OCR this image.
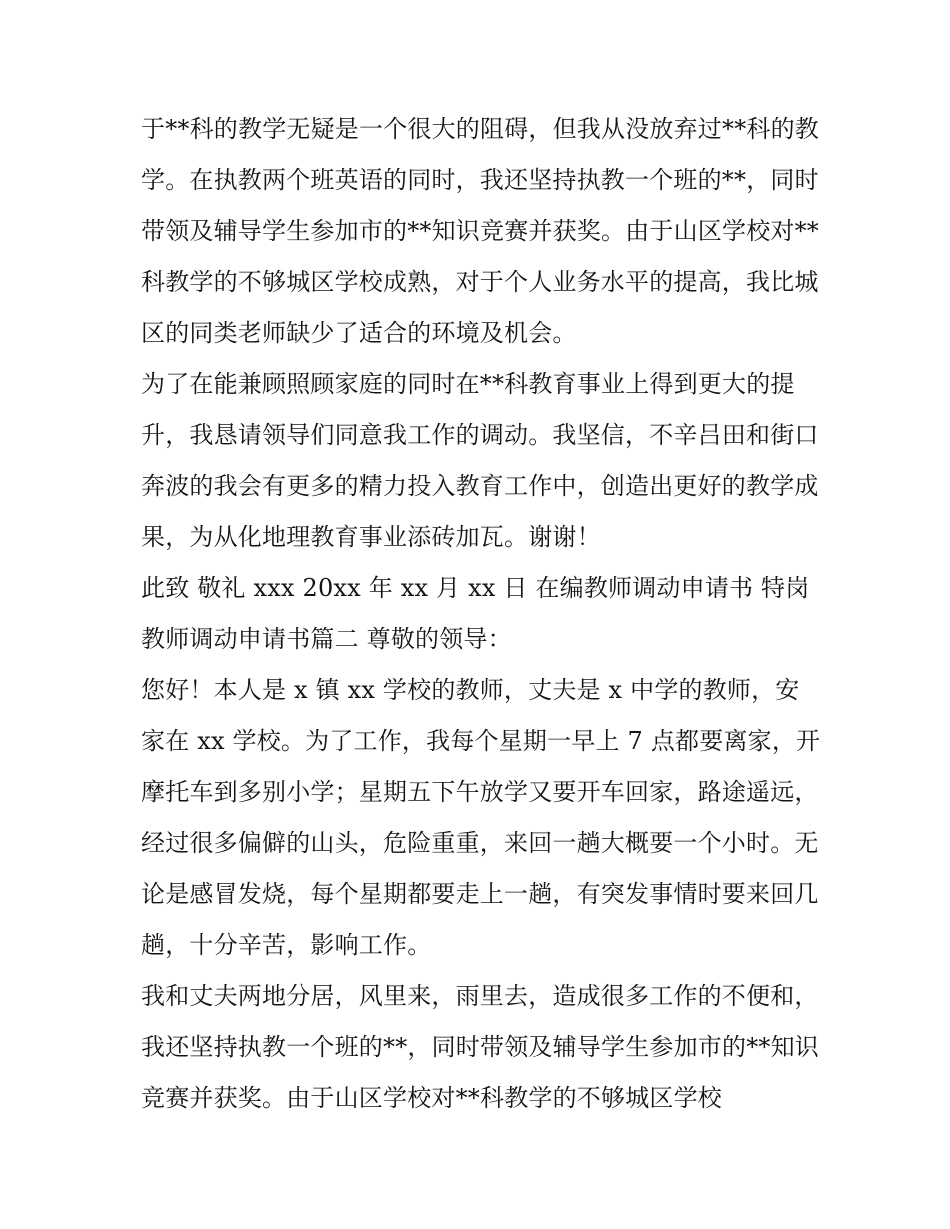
于**科的教学无疑是一个很大的阻碍，但我从没放弃过**科的教学。在执教两个班英语的同时，我还坚持执教一个班的**，同时带领及辅导学生参加市的**知识竞赛并获奖。由于山区学校对**科教学的不够城区学校成熟，对于个人业务水平的提高，我比城区的同类老师缺少了适合的环境及机会。

为了在能兼顾照顾家庭的同时在**科教育事业上得到更大的提升，我恳请领导们同意我工作的调动。我坚信，不辛吕田和街口奔波的我会有更多的精力投入教育工作中，创造出更好的教学成果，为从化地理教育事业添砖加瓦。谢谢！

此致 敬礼 xxx 20xx 年 xx 月 xx 日 在编教师调动申请书 特岗教师调动申请书篇二 尊敬的领导：

您好！本人是 x 镇 xx 学校的教师，丈夫是 x 中学的教师，安家在 xx 学校。为了工作，我每个星期一早上 7 点都要离家，开摩托车到多别小学；星期五下午放学又要开车回家，路途遥远，经过很多偏僻的山头，危险重重，来回一趟大概要一个小时。无论是感冒发烧，每个星期都要走上一趟，有突发事情时要来回几趟，十分辛苦，影响工作。

我和丈夫两地分居，风里来，雨里去，造成很多工作的不便和，我还坚持执教一个班的**，同时带领及辅导学生参加市的**知识竞赛并获奖。由于山区学校对**科教学的不够城区学校
